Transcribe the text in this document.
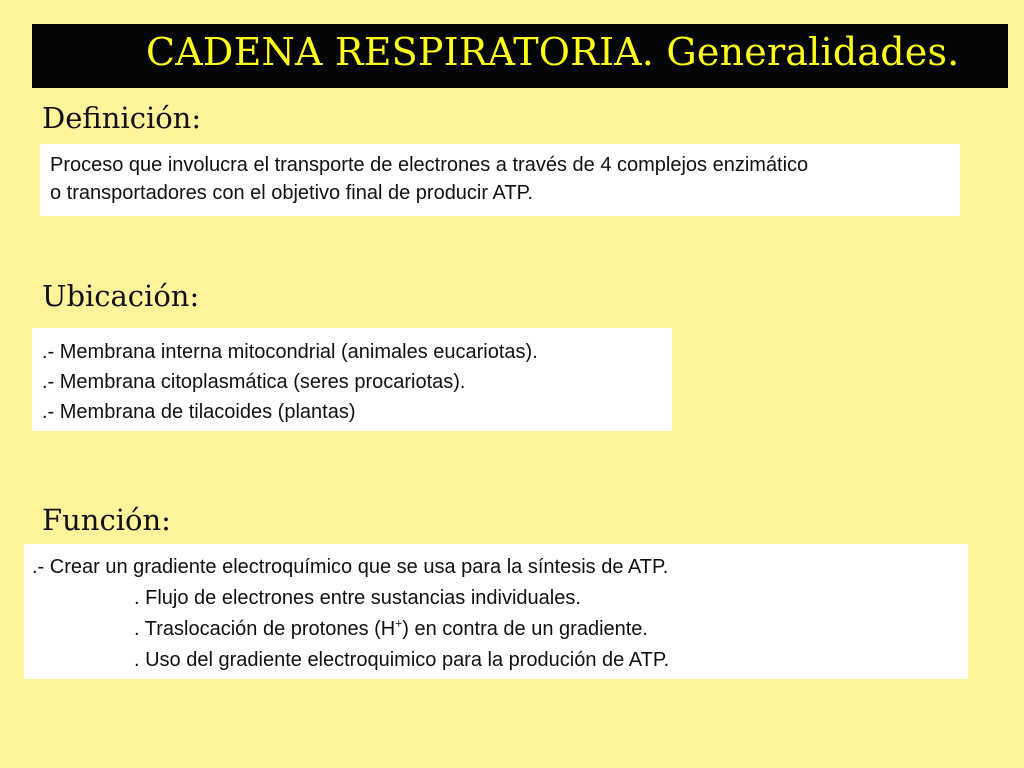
CADENA RESPIRATORIA. Generalidades.
Definición:
Proceso que involucra el transporte de electrones a través de 4 complejos enzimático
o transportadores con el objetivo final de producir ATP.
Ubicación:
.- Membrana interna mitocondrial (animales eucariotas).
.- Membrana citoplasmática (seres procariotas).
.- Membrana de tilacoides (plantas)
Función:
.- Crear un gradiente electroquímico que se usa para la síntesis de ATP.
. Flujo de electrones entre sustancias individuales.
. Traslocación de protones (H+) en contra de un gradiente.
. Uso del gradiente electroquimico para la produción de ATP.
